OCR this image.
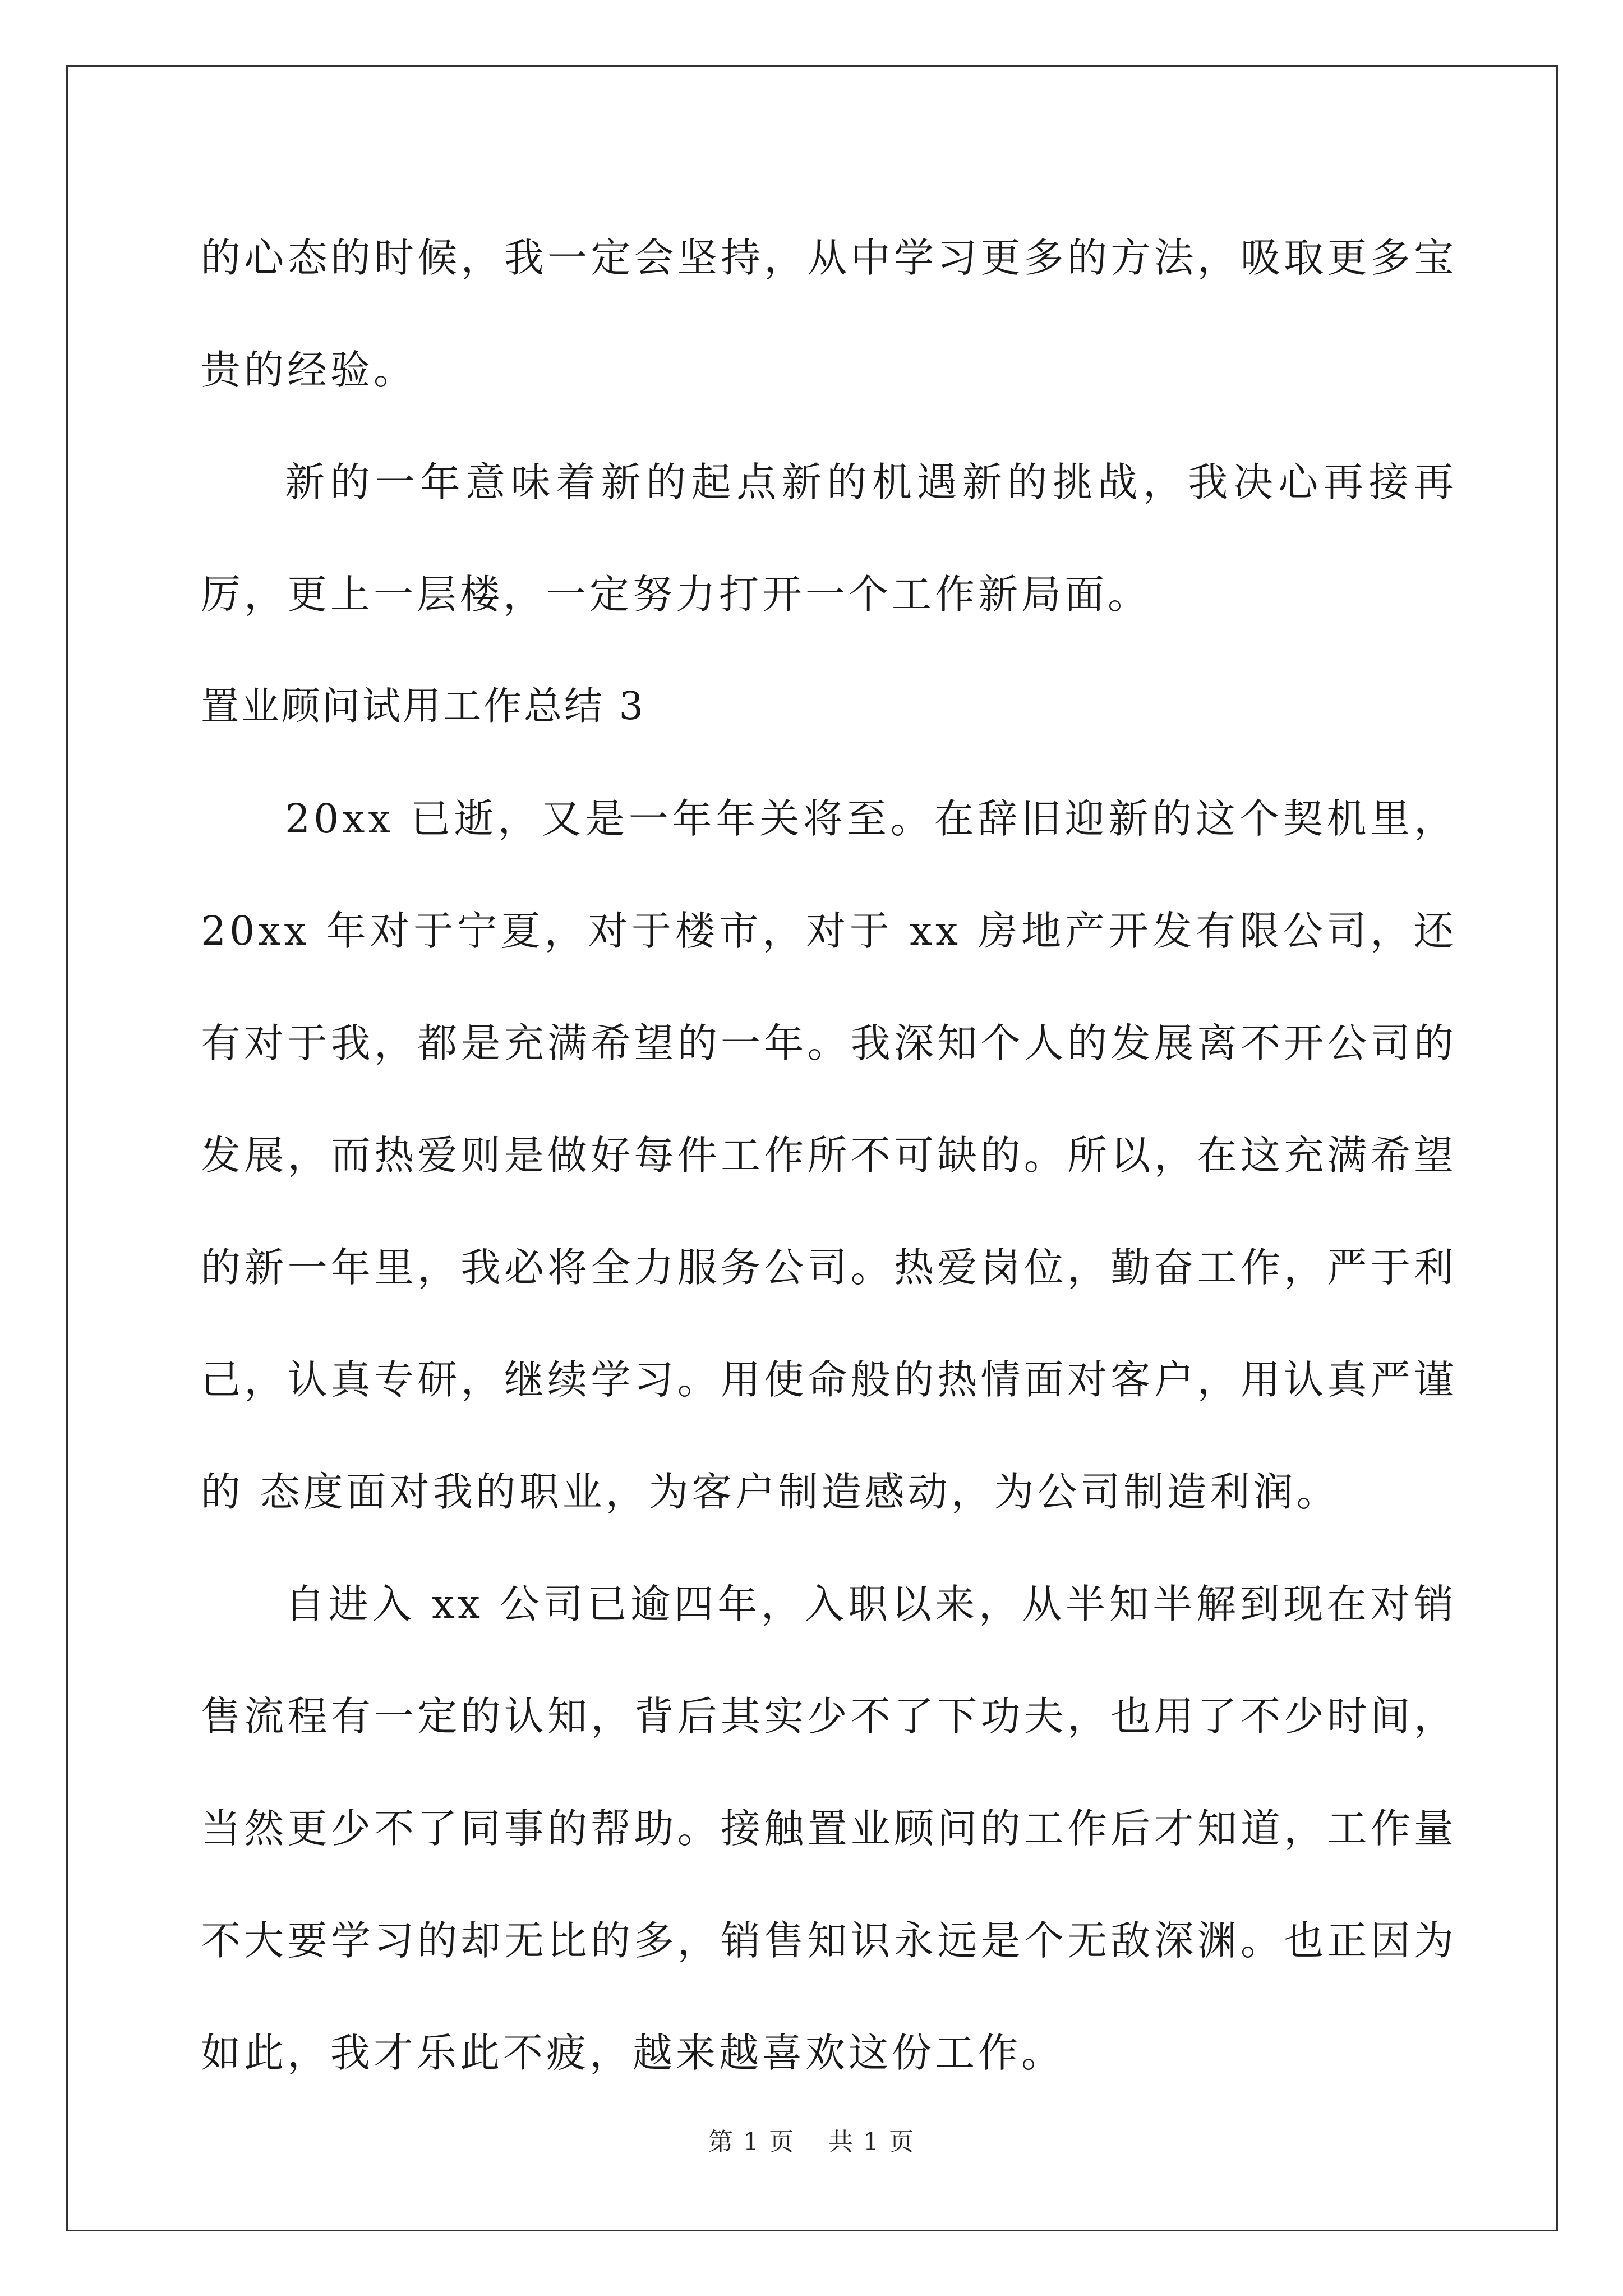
的心态的时候，我一定会坚持，从中学习更多的方法，吸取更多宝贵的经验。

新的一年意味着新的起点新的机遇新的挑战，我决心再接再厉，更上一层楼，一定努力打开一个工作新局面。

置业顾问试用工作总结 3

20xx 已逝，又是一年年关将至。在辞旧迎新的这个契机里， 20xx 年对于宁夏，对于楼市，对于 xx 房地产开发有限公司，还有对于我，都是充满希望的一年。我深知个人的发展离不开公司的发展，而热爱则是做好每件工作所不可缺的。所以，在这充满希望的新一年里，我必将全力服务公司。热爱岗位，勤奋工作，严于利己，认真专研，继续学习。用使命般的热情面对客户，用认真严谨的 态度面对我的职业，为客户制造感动，为公司制造利润。

自进入 xx 公司已逾四年，入职以来，从半知半解到现在对销售流程有一定的认知，背后其实少不了下功夫，也用了不少时间，当然更少不了同事的帮助。接触置业顾问的工作后才知道，工作量不大要学习的却无比的多，销售知识永远是个无敌深渊。也正因为如此，我才乐此不疲，越来越喜欢这份工作。

第 1 页 共 1 页
